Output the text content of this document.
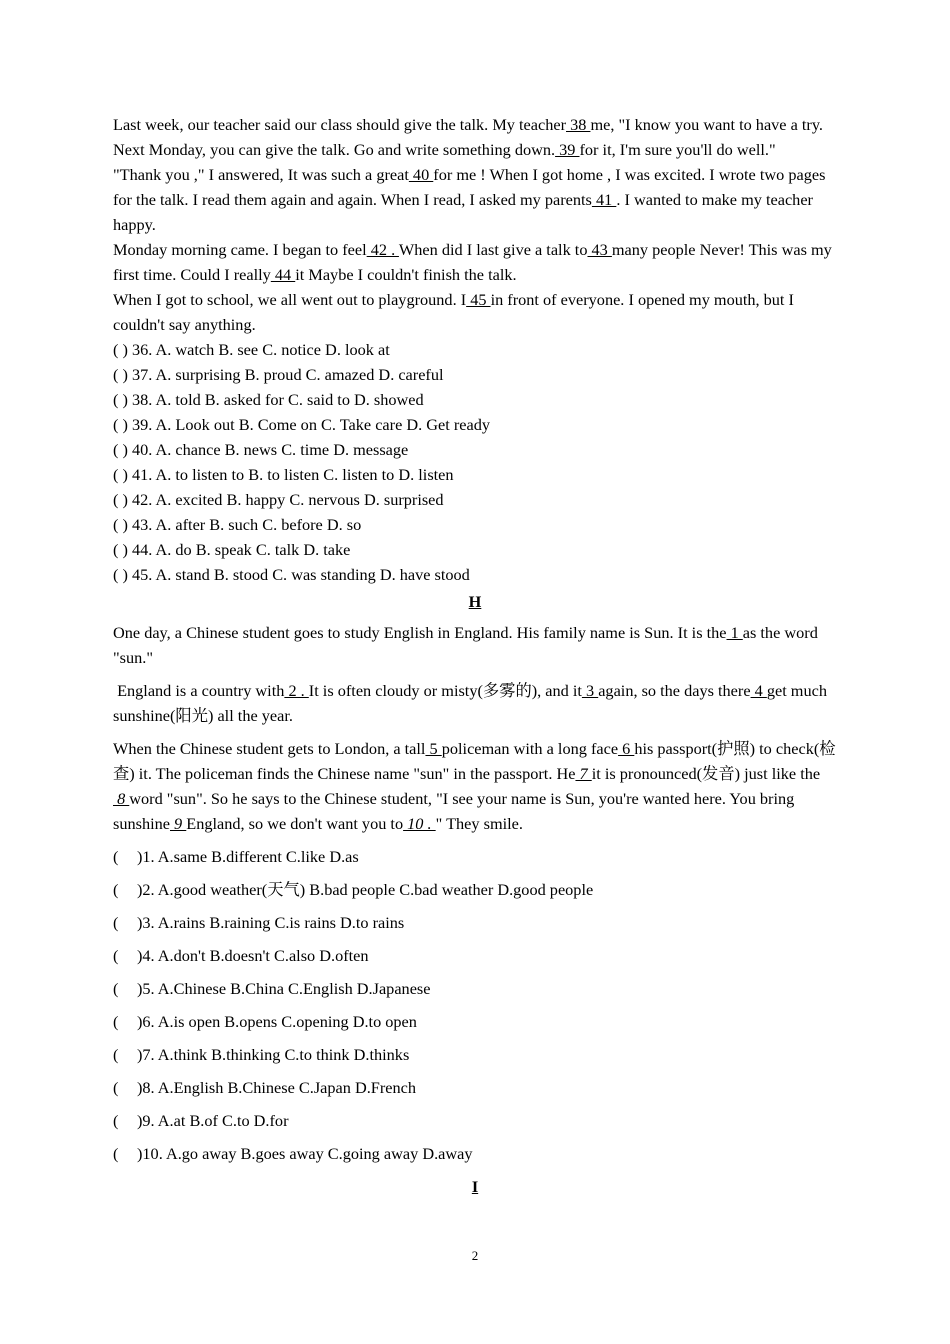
Last week, our teacher said our class should give the talk. My teacher 38 me, "I know you want to have a try. Next Monday, you can give the talk. Go and write something down. 39 for it, I'm sure you'll do well."

"Thank you ," I answered, It was such a great 40 for me ! When I got home , I was excited. I wrote two pages for the talk. I read them again and again. When I read, I asked my parents 41 . I wanted to make my teacher happy.

Monday morning came. I began to feel 42 . When did I last give a talk to 43 many people Never! This was my first time. Could I really 44 it Maybe I couldn't finish the talk.

When I got to school, we all went out to playground. I 45 in front of everyone. I opened my mouth, but I couldn't say anything.

( ) 36. A. watch B. see C. notice D. look at

( ) 37. A. surprising B. proud C. amazed D. careful

( ) 38. A. told B. asked for C. said to D. showed

( ) 39. A. Look out B. Come on C. Take care D. Get ready

( ) 40. A. chance B. news C. time D. message

( ) 41. A. to listen to B. to listen C. listen to D. listen

( ) 42. A. excited B. happy C. nervous D. surprised

( ) 43. A. after B. such C. before D. so

( ) 44. A. do B. speak C. talk D. take

( ) 45. A. stand B. stood C. was standing D. have stood

H

One day, a Chinese student goes to study English in England. His family name is Sun. It is the 1 as the word "sun."

England is a country with 2 . It is often cloudy or misty(多雾的), and it 3 again, so the days there 4 get much sunshine(阳光) all the year.

When the Chinese student gets to London, a tall 5 policeman with a long face 6 his passport(护照) to check(检查) it. The policeman finds the Chinese name "sun" in the passport. He 7 it is pronounced(发音) just like the 8 word "sun". So he says to the Chinese student, "I see your name is Sun, you're wanted here. You bring sunshine 9 England, so we don't want you to 10 . " They smile.

( )1. A.same B.different C.like D.as

( )2. A.good weather(天气) B.bad people C.bad weather D.good people

( )3. A.rains B.raining C.is rains D.to rains

( )4. A.don't B.doesn't C.also D.often

( )5. A.Chinese B.China C.English D.Japanese

( )6. A.is open B.opens C.opening D.to open

( )7. A.think B.thinking C.to think D.thinks

( )8. A.English B.Chinese C.Japan D.French

( )9. A.at B.of C.to D.for

( )10. A.go away B.goes away C.going away D.away

I
2
